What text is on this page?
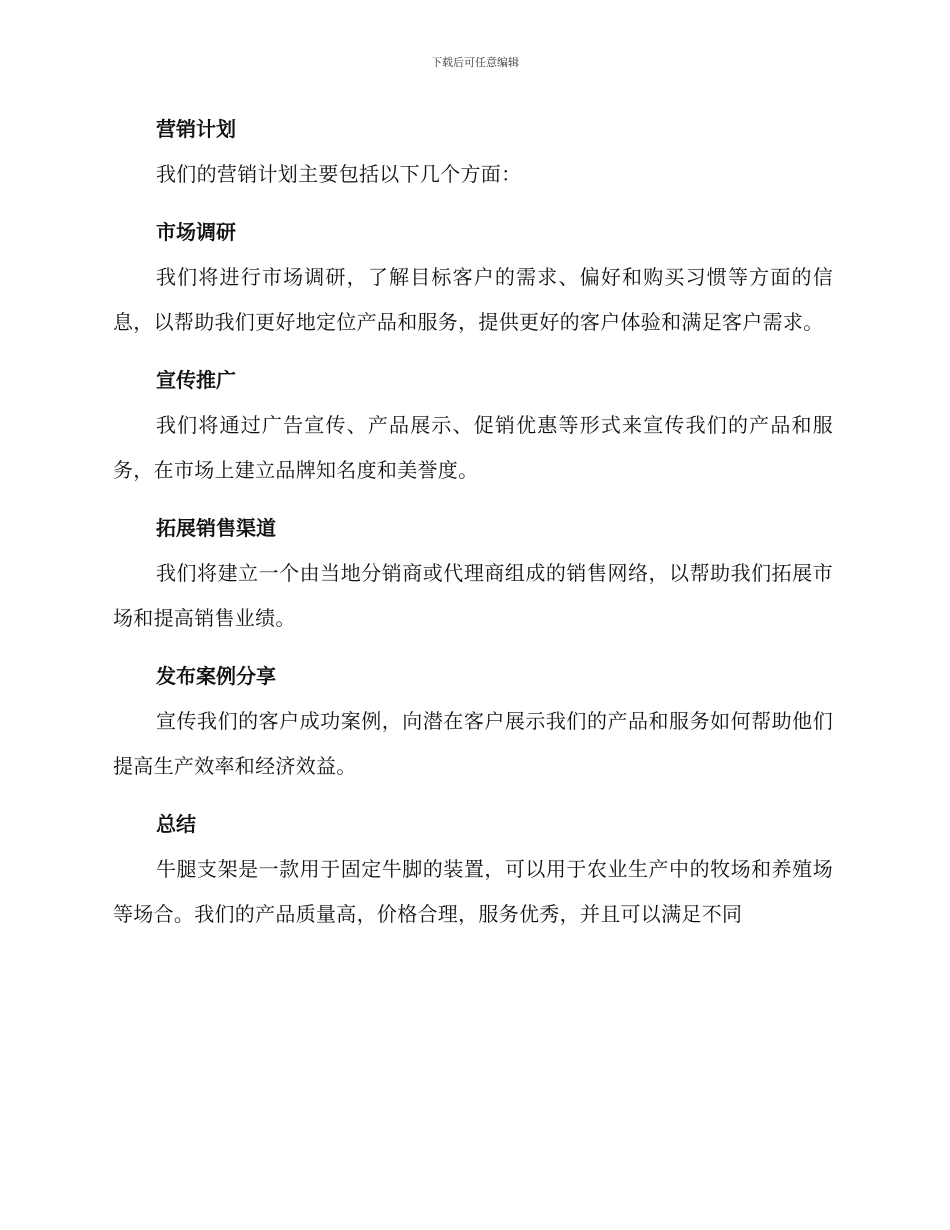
下载后可任意编辑
营销计划

我们的营销计划主要包括以下几个方面：

市场调研

我们将进行市场调研，了解目标客户的需求、偏好和购买习惯等方面的信息，以帮助我们更好地定位产品和服务，提供更好的客户体验和满足客户需求。

宣传推广

我们将通过广告宣传、产品展示、促销优惠等形式来宣传我们的产品和服务，在市场上建立品牌知名度和美誉度。

拓展销售渠道

我们将建立一个由当地分销商或代理商组成的销售网络，以帮助我们拓展市场和提高销售业绩。

发布案例分享

宣传我们的客户成功案例，向潜在客户展示我们的产品和服务如何帮助他们提高生产效率和经济效益。

总结

牛腿支架是一款用于固定牛脚的装置，可以用于农业生产中的牧场和养殖场等场合。我们的产品质量高，价格合理，服务优秀，并且可以满足不同
